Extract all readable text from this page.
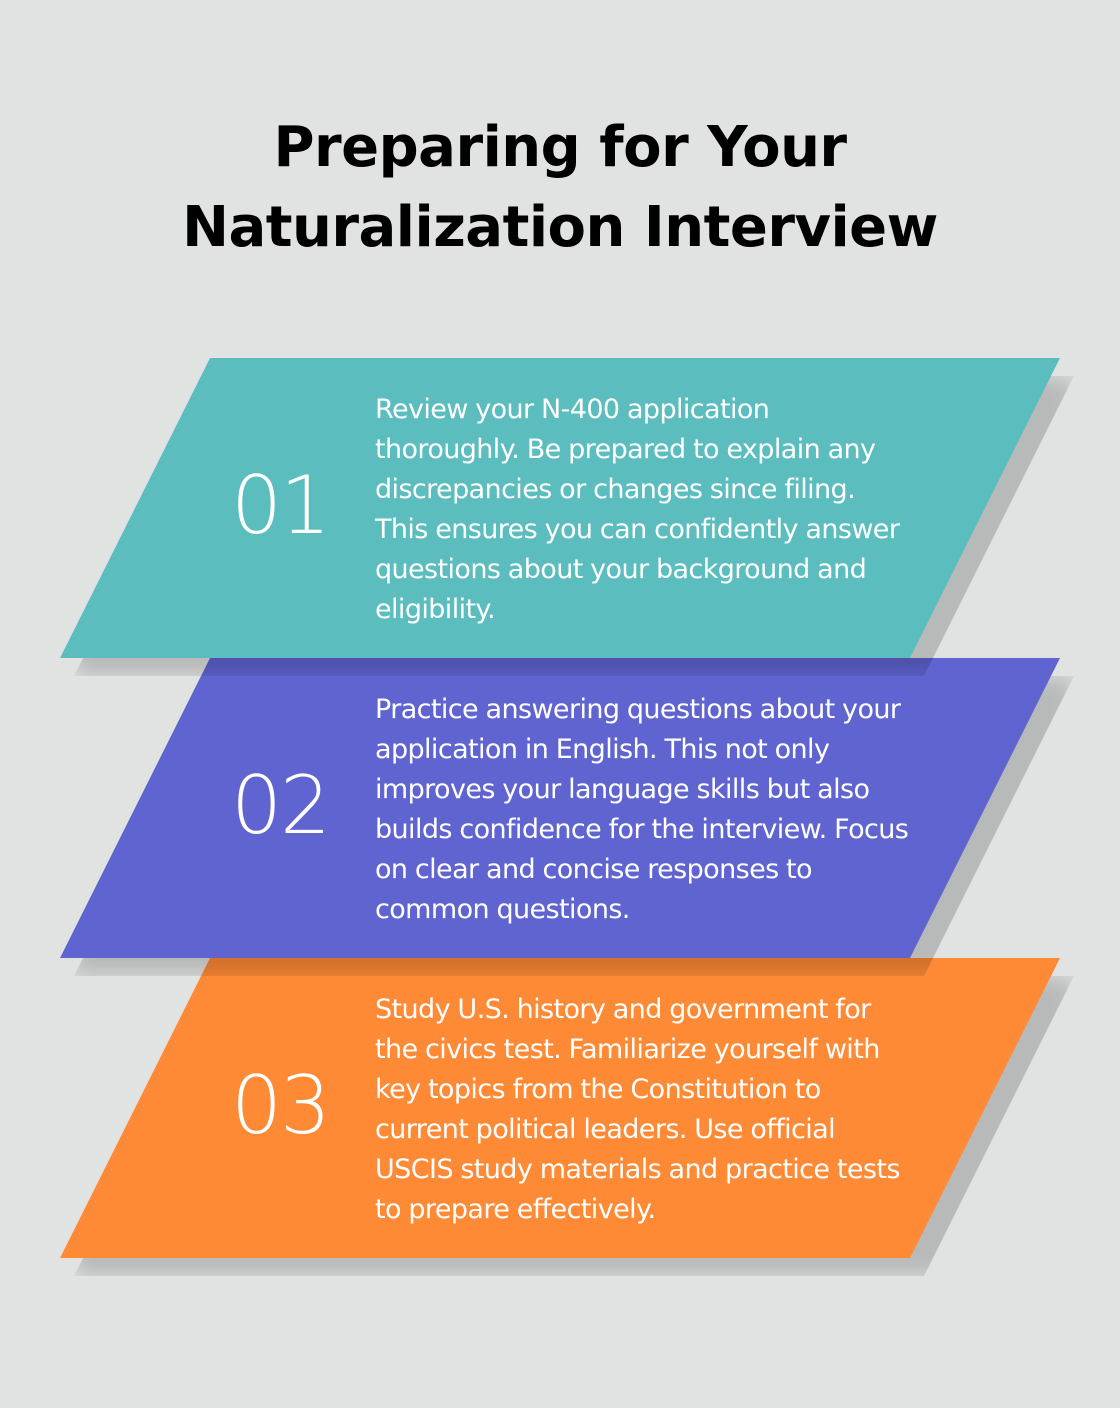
Preparing for Your
Naturalization Interview
03
Study U.S. history and government for the civics test. Familiarize yourself with key topics from the Constitution to current political leaders. Use official USCIS study materials and practice tests to prepare effectively.
02
Practice answering questions about your application in English. This not only improves your language skills but also builds confidence for the interview. Focus on clear and concise responses to common questions.
01
Review your N-400 application thoroughly. Be prepared to explain any discrepancies or changes since filing. This ensures you can confidently answer questions about your background and eligibility.
